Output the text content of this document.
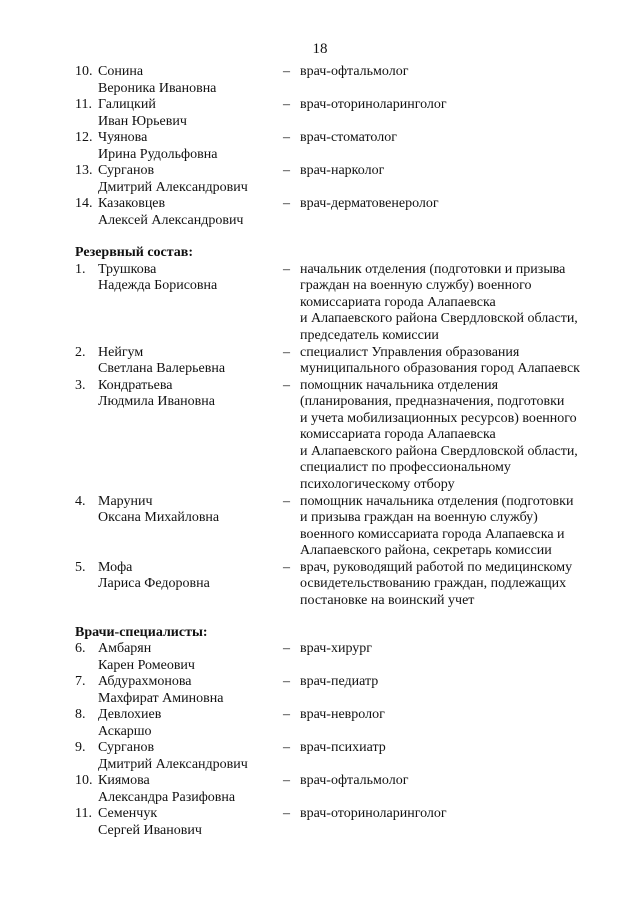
18
10. Сонина
Вероника Ивановна
– врач-офтальмолог
11. Галицкий
Иван Юрьевич
– врач-оториноларинголог
12. Чуянова
Ирина Рудольфовна
– врач-стоматолог
13. Сурганов
Дмитрий Александрович
– врач-нарколог
14. Казаковцев
Алексей Александрович
– врач-дерматовенеролог
Резервный состав:
1. Трушкова
Надежда Борисовна
– начальник отделения (подготовки и призыва
граждан на военную службу) военного
комиссариата города Алапаевска
и Алапаевского района Свердловской области,
председатель комиссии
2. Нейгум
Светлана Валерьевна
– специалист Управления образования
муниципального образования город Алапаевск
3. Кондратьева
Людмила Ивановна
– помощник начальника отделения
(планирования, предназначения, подготовки
и учета мобилизационных ресурсов) военного
комиссариата города Алапаевска
и Алапаевского района Свердловской области,
специалист по профессиональному
психологическому отбору
4. Марунич
Оксана Михайловна
– помощник начальника отделения (подготовки
и призыва граждан на военную службу)
военного комиссариата города Алапаевска и
Алапаевского района, секретарь комиссии
5. Мофа
Лариса Федоровна
– врач, руководящий работой по медицинскому
освидетельствованию граждан, подлежащих
постановке на воинский учет
Врачи-специалисты:
6. Амбарян
Карен Ромеович
– врач-хирург
7. Абдурахмонова
Махфират Аминовна
– врач-педиатр
8. Девлохиев
Аскаршо
– врач-невролог
9. Сурганов
Дмитрий Александрович
– врач-психиатр
10. Киямова
Александра Разифовна
– врач-офтальмолог
11. Семенчук
Сергей Иванович
– врач-оториноларинголог
